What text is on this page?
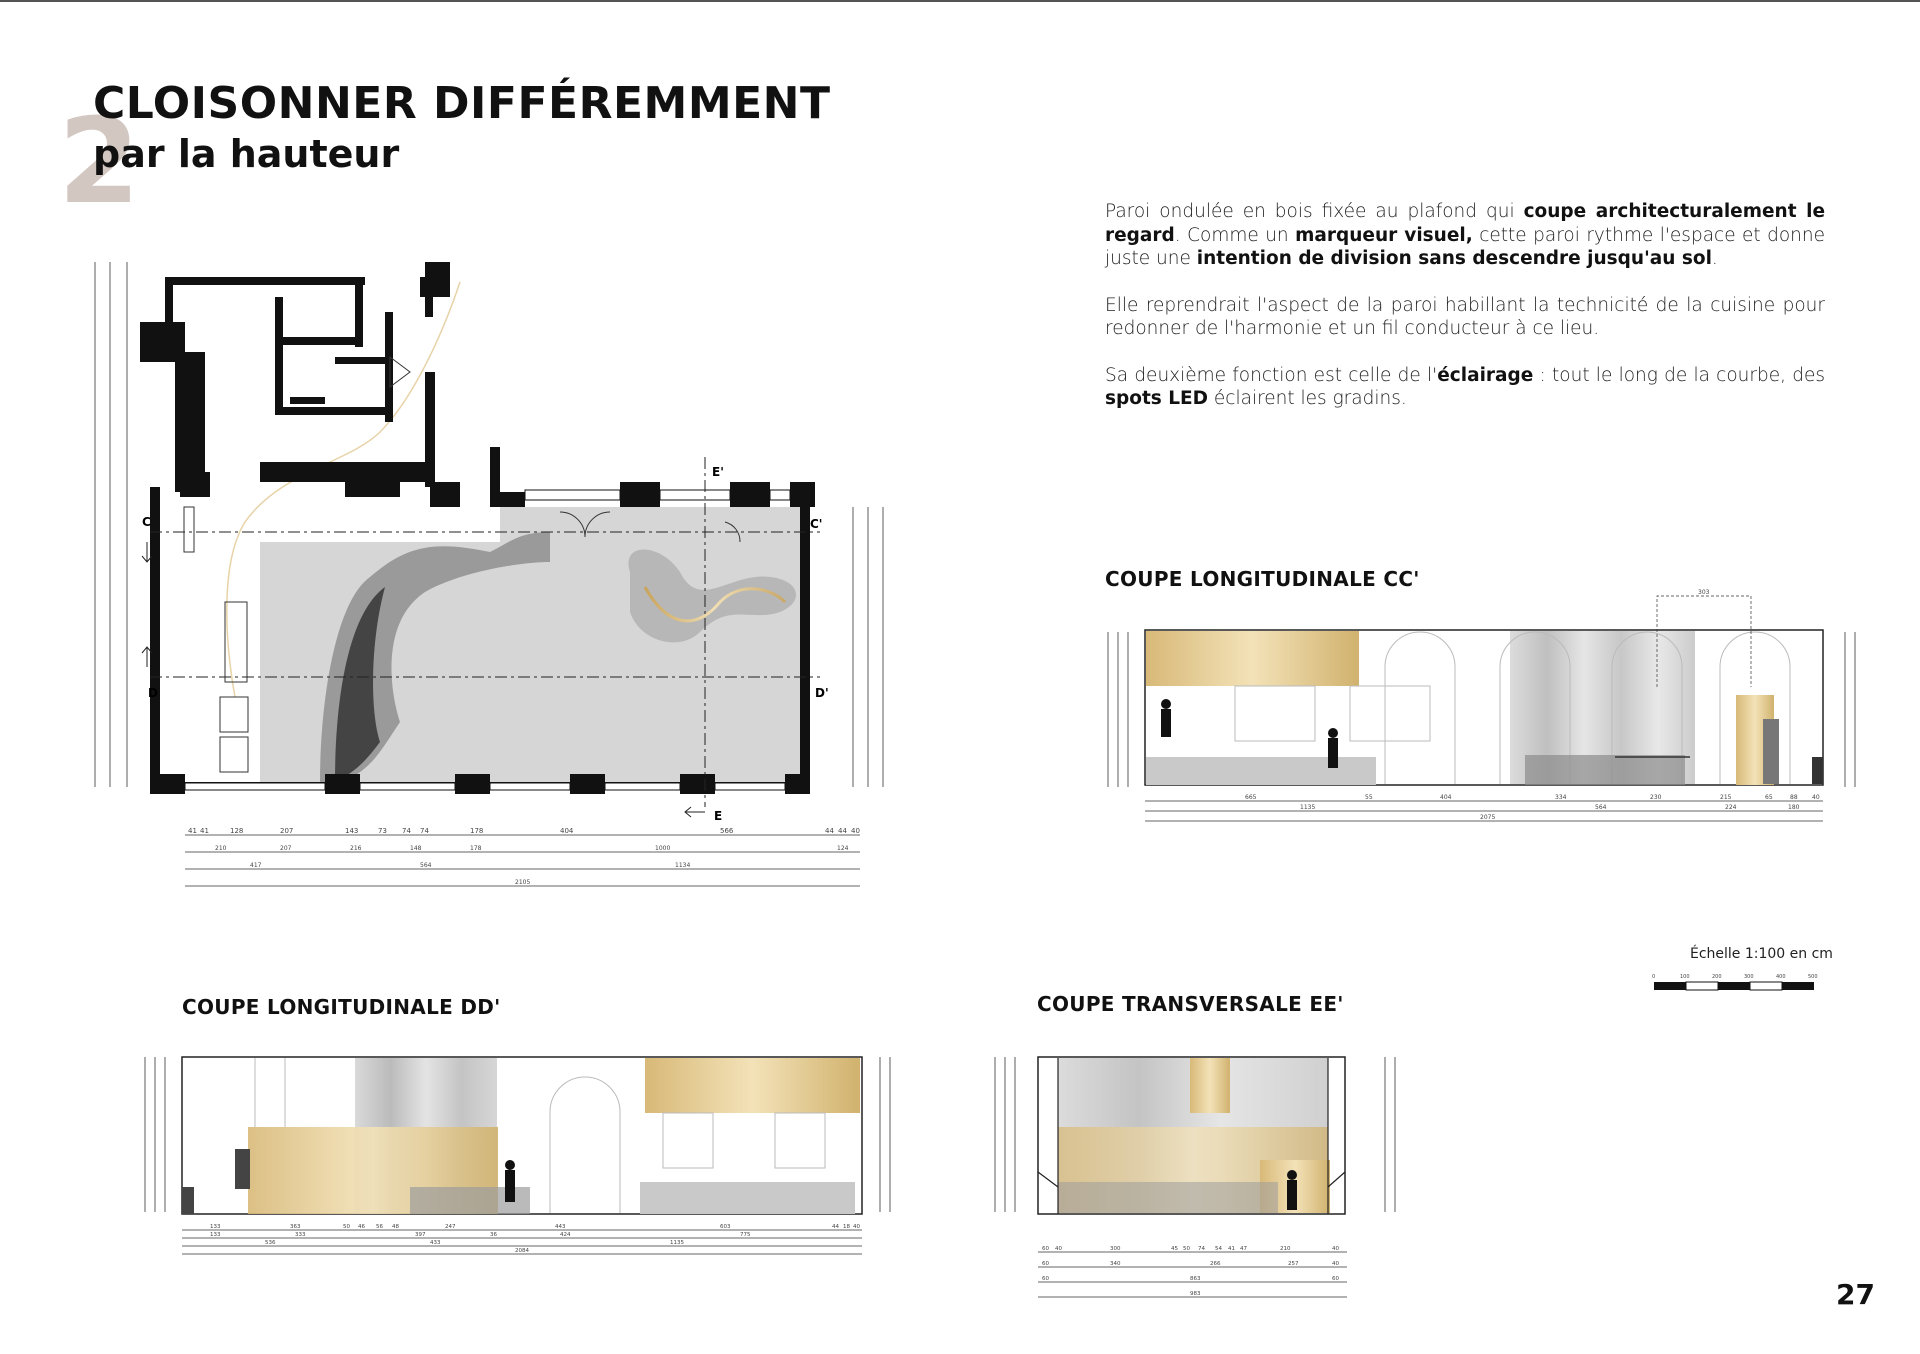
2
CLOISONNER DIFFÉREMMENT
par la hauteur

Paroi ondulée en bois fixée au plafond qui coupe architecturalement le regard. Comme un marqueur visuel, cette paroi rythme l'espace et donne juste une intention de division sans descendre jusqu'au sol.

Elle reprendrait l'aspect de la paroi habillant la technicité de la cuisine pour redonner de l'harmonie et un fil conducteur à ce lieu.

Sa deuxième fonction est celle de l'éclairage : tout le long de la courbe, des spots LED éclairent les gradins.

C	C'
D	D'
E
E'
41 41	128	207	143	73 74 74	178	404	566	44 44 40
210	207	216	148	178	1000	124
417	564	1134
2105
COUPE LONGITUDINALE CC'
303
665	55	404	334	230	215	65	88 40
1135	564	224	180
2075
Échelle 1:100 en cm
0	100	200	300	400	500
COUPE LONGITUDINALE DD'
133	363	50 46 56 48	247	443	603	44 18 40
133	333	397	36	424	775
536	433	1135
2084
COUPE TRANSVERSALE EE'
60 40	300	45 50 74 54 41 47	210	40
60	340	266	257	40
60	863	60
983	27
